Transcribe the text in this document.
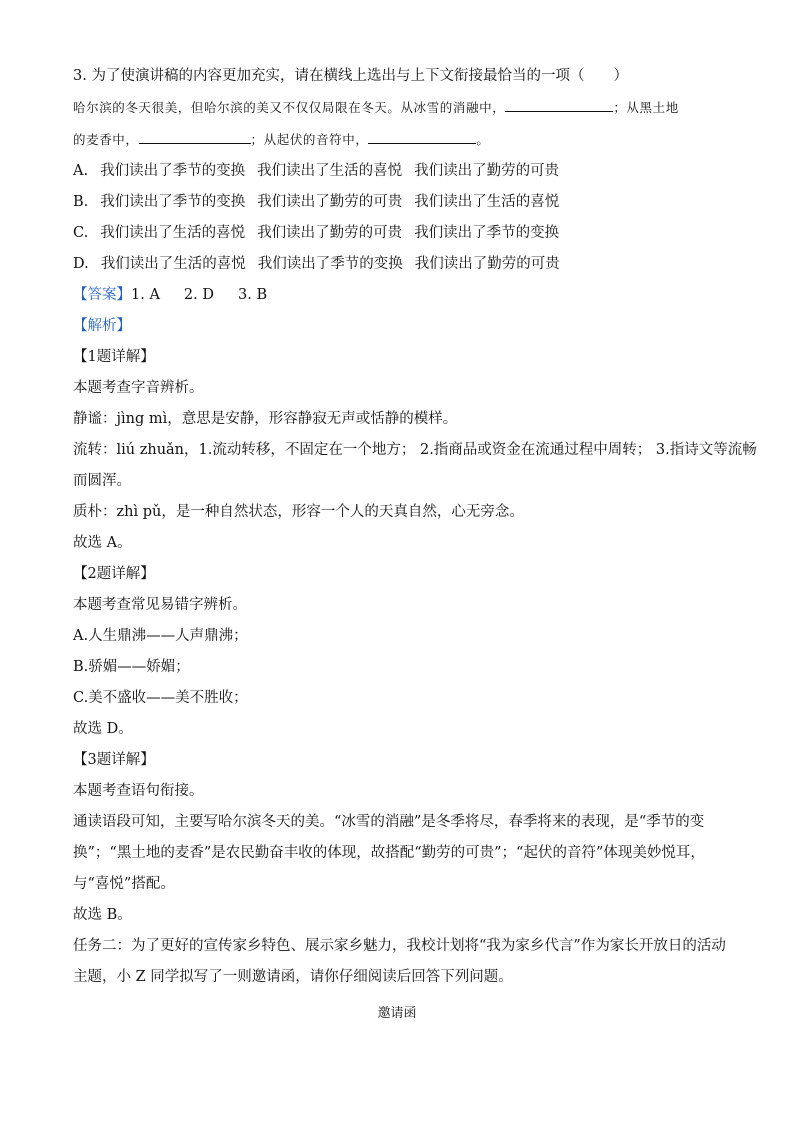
3. 为了使演讲稿的内容更加充实，请在横线上选出与上下文衔接最恰当的一项（　　）
哈尔滨的冬天很美，但哈尔滨的美又不仅仅局限在冬天。从冰雪的消融中，	；从黑土地
的麦香中，	；从起伏的音符中，	。
A. 我们读出了季节的变换 我们读出了生活的喜悦 我们读出了勤劳的可贵
B. 我们读出了季节的变换 我们读出了勤劳的可贵 我们读出了生活的喜悦
C. 我们读出了生活的喜悦 我们读出了勤劳的可贵 我们读出了季节的变换
D. 我们读出了生活的喜悦 我们读出了季节的变换 我们读出了勤劳的可贵
【答案】1. A 2. D 3. B
【解析】
【1题详解】
本题考查字音辨析。
静谧：jìng mì，意思是安静，形容静寂无声或恬静的模样。
流转：liú zhuǎn，1.流动转移，不固定在一个地方； 2.指商品或资金在流通过程中周转； 3.指诗文等流畅
而圆浑。
质朴：zhì pǔ，是一种自然状态，形容一个人的天真自然，心无旁念。
故选 A。
【2题详解】
本题考查常见易错字辨析。
A.人生鼎沸——人声鼎沸；
B.骄媚——娇媚；
C.美不盛收——美不胜收；
故选 D。
【3题详解】
本题考查语句衔接。
通读语段可知，主要写哈尔滨冬天的美。“冰雪的消融”是冬季将尽，春季将来的表现，是“季节的变
换”；“黑土地的麦香”是农民勤奋丰收的体现，故搭配“勤劳的可贵”；“起伏的音符”体现美妙悦耳，
与“喜悦”搭配。
故选 B。
任务二：为了更好的宣传家乡特色、展示家乡魅力，我校计划将“我为家乡代言”作为家长开放日的活动
主题，小 Z 同学拟写了一则邀请函，请你仔细阅读后回答下列问题。
邀请函
